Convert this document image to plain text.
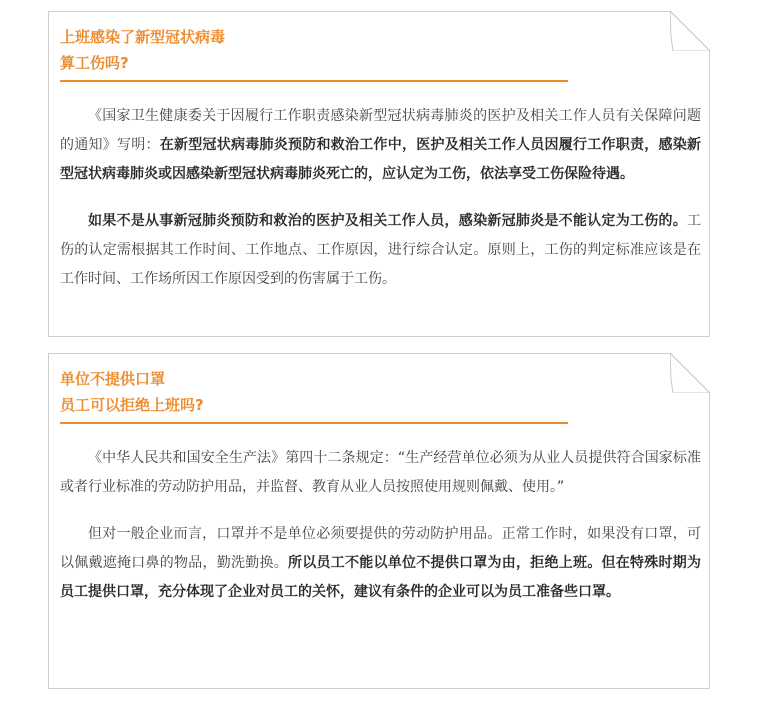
上班感染了新型冠状病毒
算工伤吗?

《国家卫生健康委关于因履行工作职责感染新型冠状病毒肺炎的医护及相关工作人员有关保障问题的通知》写明：在新型冠状病毒肺炎预防和救治工作中，医护及相关工作人员因履行工作职责，感染新型冠状病毒肺炎或因感染新型冠状病毒肺炎死亡的，应认定为工伤，依法享受工伤保险待遇。

如果不是从事新冠肺炎预防和救治的医护及相关工作人员，感染新冠肺炎是不能认定为工伤的。工伤的认定需根据其工作时间、工作地点、工作原因，进行综合认定。原则上，工伤的判定标准应该是在工作时间、工作场所因工作原因受到的伤害属于工伤。

单位不提供口罩
员工可以拒绝上班吗?

《中华人民共和国安全生产法》第四十二条规定：“生产经营单位必须为从业人员提供符合国家标准或者行业标准的劳动防护用品，并监督、教育从业人员按照使用规则佩戴、使用。”

但对一般企业而言，口罩并不是单位必须要提供的劳动防护用品。正常工作时，如果没有口罩，可以佩戴遮掩口鼻的物品，勤洗勤换。所以员工不能以单位不提供口罩为由，拒绝上班。但在特殊时期为员工提供口罩，充分体现了企业对员工的关怀，建议有条件的企业可以为员工准备些口罩。
